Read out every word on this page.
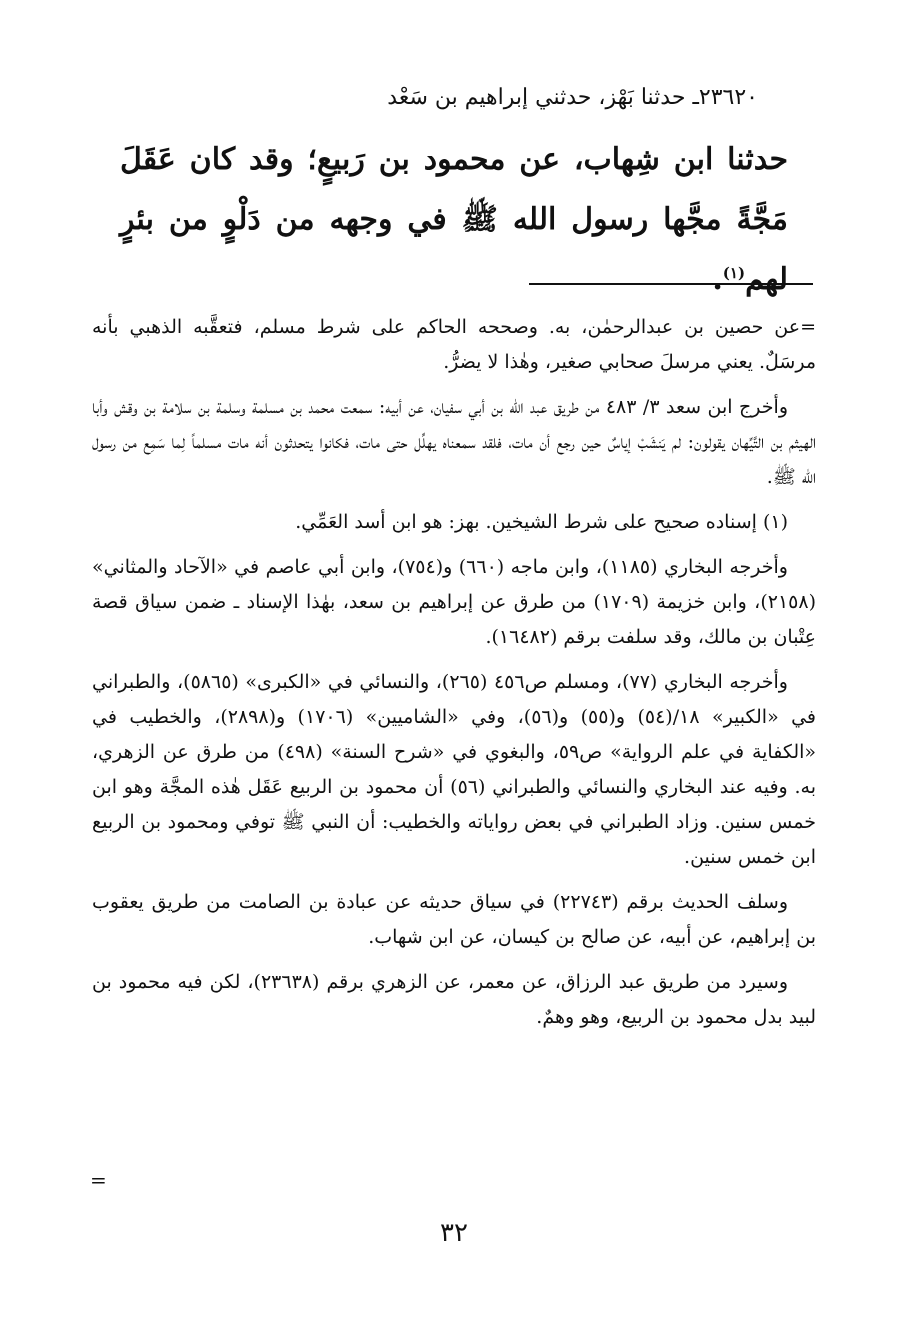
٢٣٦٢٠ـ حدثنا بَهْز، حدثني إبراهيم بن سَعْد
حدثنا ابن شِهاب، عن محمود بن رَبيعٍ؛ وقد كان عَقَلَ مَجَّةً مجَّها رسول الله ﷺ في وجهه من دَلْوٍ من بئرٍ لهم$^{(١)}$.

=عن حصين بن عبدالرحمٰن، به. وصححه الحاكم على شرط مسلم، فتعقَّبه الذهبي بأنه مرسَلٌ. يعني مرسلَ صحابي صغير، وهٰذا لا يضرُّ.

وأخرج ابن سعد ٣/ ٤٨٣ من طريق عبد الله بن أبي سفيان، عن أبيه: سمعت محمد بن مسلمة وسلمة بن سلامة بن وقش وأبا الهيثم بن التَّيِّهان يقولون: لم يَنشَبْ إياسٌ حين رجع أن مات، فلقد سمعناه يهلِّل حتى مات، فكانوا يتحدثون أنه مات مسلماً لِما سَمِع من رسول الله ﷺ.

(١) إسناده صحيح على شرط الشيخين. بهز: هو ابن أسد العَمِّي.

وأخرجه البخاري (١١٨٥)، وابن ماجه (٦٦٠) و(٧٥٤)، وابن أبي عاصم في «الآحاد والمثاني» (٢١٥٨)، وابن خزيمة (١٧٠٩) من طرق عن إبراهيم بن سعد، بهٰذا الإسناد ـ ضمن سياق قصة عِتْبان بن مالك، وقد سلفت برقم (١٦٤٨٢).

وأخرجه البخاري (٧٧)، ومسلم ص٤٥٦ (٢٦٥)، والنسائي في «الكبرى» (٥٨٦٥)، والطبراني في «الكبير» ١٨/(٥٤) و(٥٥) و(٥٦)، وفي «الشاميين» (١٧٠٦) و(٢٨٩٨)، والخطيب في «الكفاية في علم الرواية» ص٥٩، والبغوي في «شرح السنة» (٤٩٨) من طرق عن الزهري، به. وفيه عند البخاري والنسائي والطبراني (٥٦) أن محمود بن الربيع عَقَل هٰذه المجَّة وهو ابن خمس سنين. وزاد الطبراني في بعض رواياته والخطيب: أن النبي ﷺ توفي ومحمود بن الربيع ابن خمس سنين.

وسلف الحديث برقم (٢٢٧٤٣) في سياق حديثه عن عبادة بن الصامت من طريق يعقوب بن إبراهيم، عن أبيه، عن صالح بن كيسان، عن ابن شهاب.

وسيرد من طريق عبد الرزاق، عن معمر، عن الزهري برقم (٢٣٦٣٨)، لكن فيه محمود بن لبيد بدل محمود بن الربيع، وهو وهمٌ.

=
٣٢
